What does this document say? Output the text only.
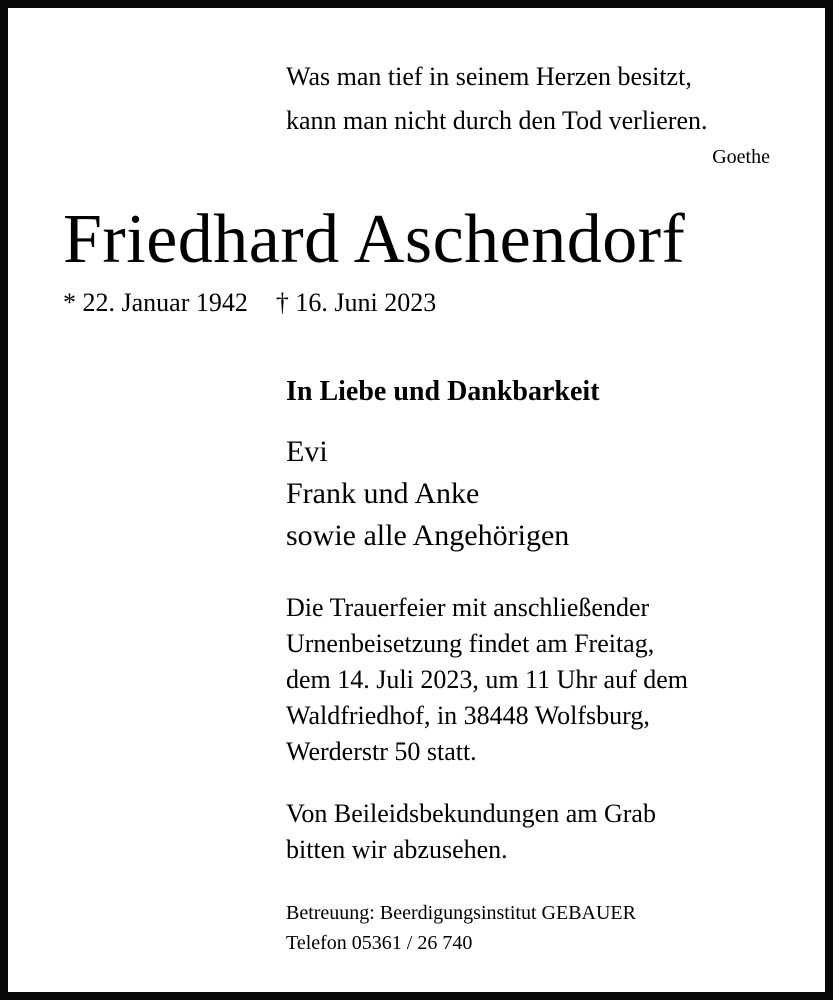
Was man tief in seinem Herzen besitzt,
kann man nicht durch den Tod verlieren.
Goethe
Friedhard Aschendorf
* 22. Januar 1942 † 16. Juni 2023
In Liebe und Dankbarkeit
Evi
Frank und Anke
sowie alle Angehörigen
Die Trauerfeier mit anschließender
Urnenbeisetzung findet am Freitag,
dem 14. Juli 2023, um 11 Uhr auf dem
Waldfriedhof, in 38448 Wolfsburg,
Werderstr 50 statt.
Von Beileidsbekundungen am Grab
bitten wir abzusehen.
Betreuung: Beerdigungsinstitut GEBAUER
Telefon 05361 / 26 740
